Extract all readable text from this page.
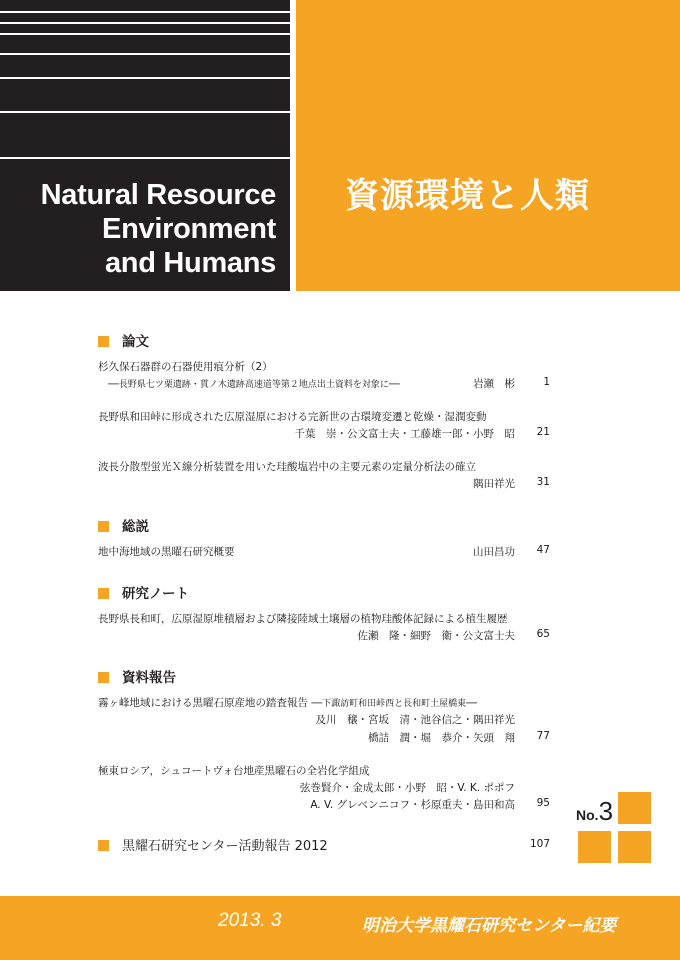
Natural Resource
Environment
and Humans
資源環境と人類
論文
杉久保石器群の石器使用痕分析（2）
──長野県七ツ栗遺跡・貫ノ木遺跡高速道等第２地点出土資料を対象に──	岩瀬　彬	1
長野県和田峠に形成された広原湿原における完新世の古環境変遷と乾燥・湿潤変動
千葉　崇・公文富士夫・工藤雄一郎・小野　昭 21
波長分散型蛍光Ｘ線分析装置を用いた珪酸塩岩中の主要元素の定量分析法の確立
隅田祥光 31
総説
地中海地域の黒曜石研究概要	山田昌功 47
研究ノート
長野県長和町，広原湿原堆積層および隣接陸域土壌層の植物珪酸体記録による植生履歴
佐瀬　隆・細野　衛・公文富士夫 65
資料報告
霧ヶ峰地域における黒曜石原産地の踏査報告 ──下諏訪町和田峠西と長和町土屋橋東──
及川　穣・宮坂　清・池谷信之・隅田祥光
橋詰　潤・堀　恭介・矢頭　翔 77
極東ロシア，シュコートヴォ台地産黒曜石の全岩化学組成
弦巻賢介・金成太郎・小野　昭・V. K. ポポフ
A. V. グレベンニコフ・杉原重夫・島田和高 95
黒耀石研究センター活動報告 2012	107
No.3
2013. 3	明治大学黒耀石研究センター紀要
